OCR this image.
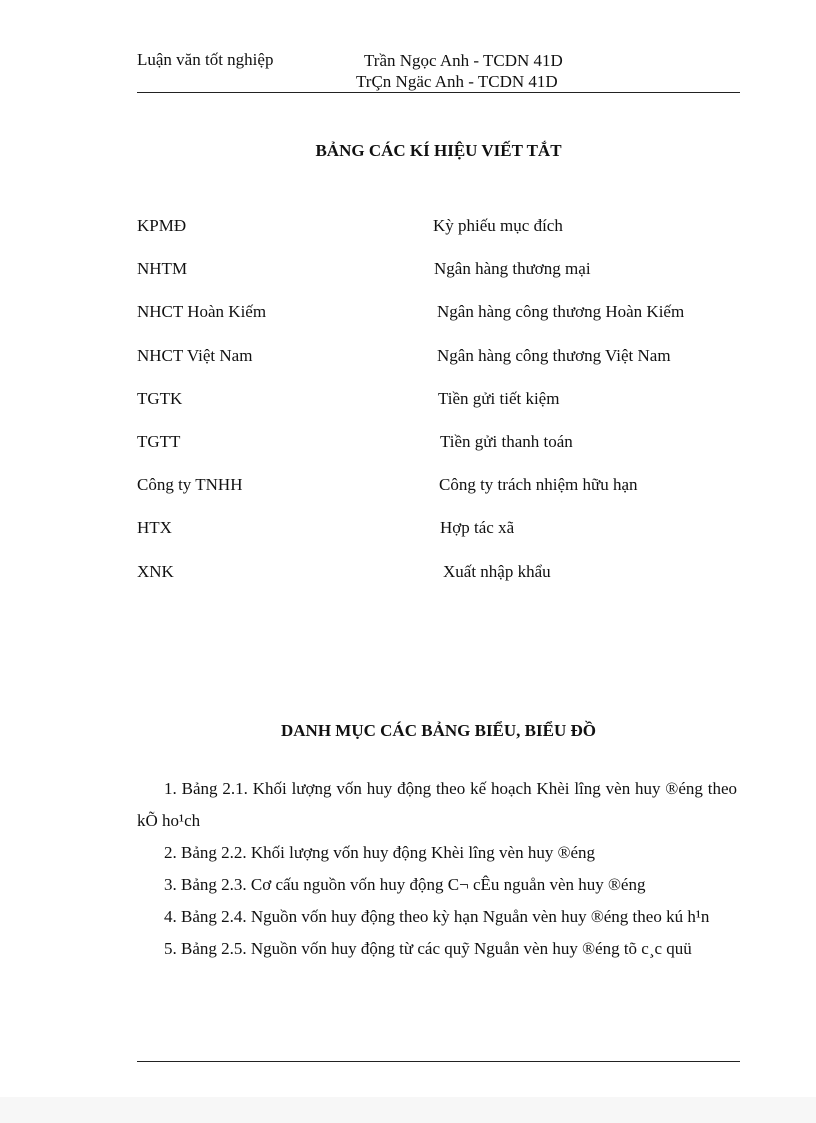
Luận văn tốt nghiệp	Trần Ngọc Anh - TCDN 41D
TrÇn Ngäc Anh - TCDN 41D
BẢNG CÁC KÍ HIỆU VIẾT TẮT
KPMĐ	Kỳ phiếu mục đích
NHTM	Ngân hàng thương mại
NHCT Hoàn Kiếm	Ngân hàng công thương Hoàn Kiếm
NHCT Việt Nam	Ngân hàng công thương Việt Nam
TGTK	Tiền gửi tiết kiệm
TGTT	Tiền gửi thanh toán
Công ty TNHH	Công ty trách nhiệm hữu hạn
HTX	Hợp tác xã
XNK	Xuất nhập khẩu
DANH MỤC CÁC BẢNG BIỂU, BIỂU ĐỒ

1. Bảng 2.1. Khối lượng vốn huy động theo kế hoạch Khèi lîng vèn huy ®éng theo kÕ ho¹ch

2. Bảng 2.2. Khối lượng vốn huy động Khèi lîng vèn huy ®éng

3. Bảng 2.3. Cơ cấu nguồn vốn huy động C¬ cÊu nguån vèn huy ®éng

4. Bảng 2.4. Nguồn vốn huy động theo kỳ hạn Nguån vèn huy ®éng theo kú h¹n

5. Bảng 2.5. Nguồn vốn huy động từ các quỹ Nguån vèn huy ®éng tõ c¸c quü
